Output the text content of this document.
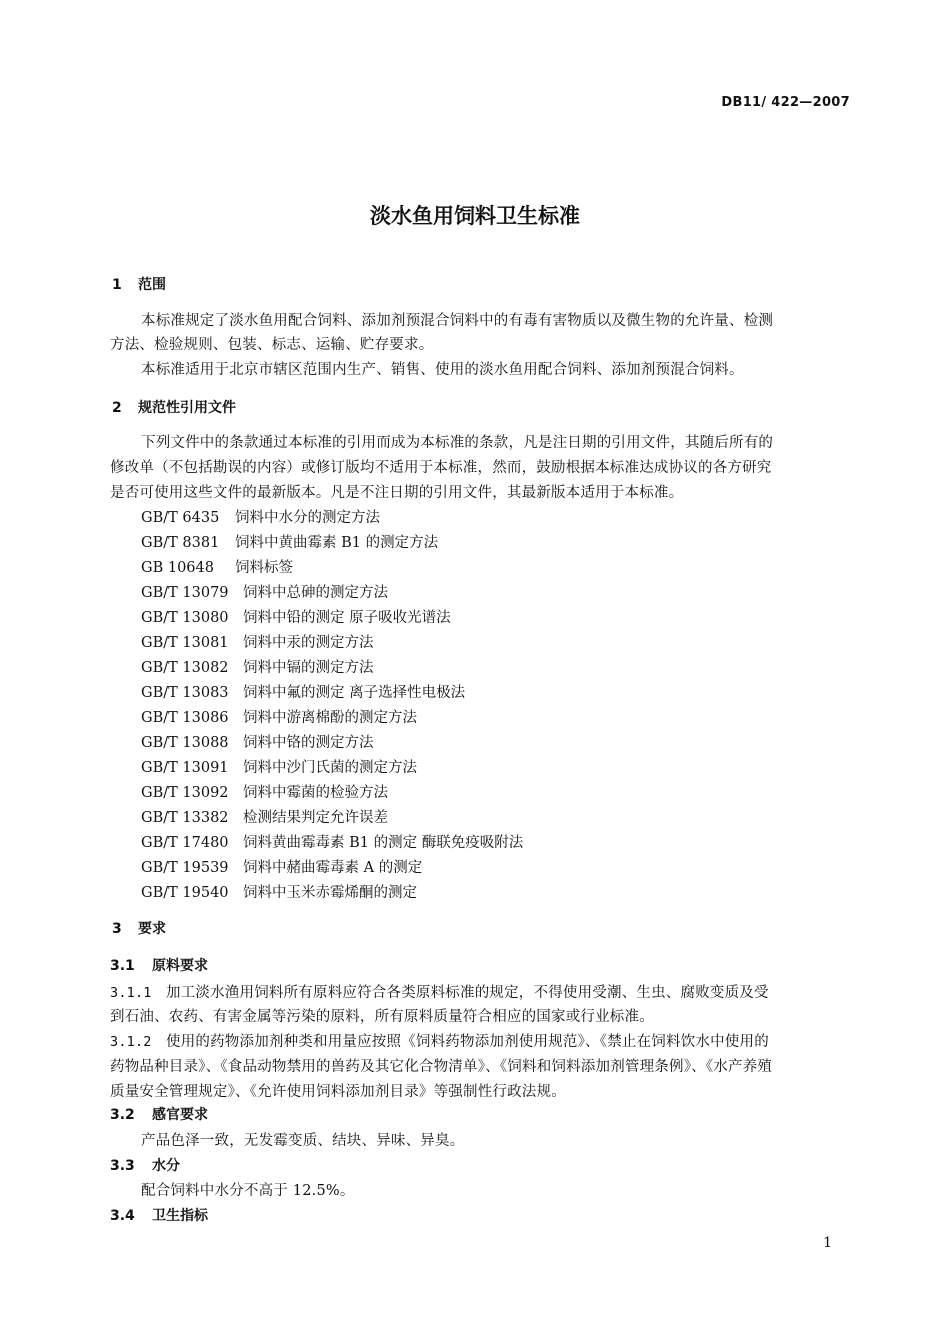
DB11/ 422—2007
淡水鱼用饲料卫生标准
1 范围
本标准规定了淡水鱼用配合饲料、添加剂预混合饲料中的有毒有害物质以及微生物的允许量、检测
方法、检验规则、包装、标志、运输、贮存要求。
本标准适用于北京市辖区范围内生产、销售、使用的淡水鱼用配合饲料、添加剂预混合饲料。
2 规范性引用文件
下列文件中的条款通过本标准的引用而成为本标准的条款，凡是注日期的引用文件，其随后所有的
修改单（不包括勘误的内容）或修订版均不适用于本标准，然而，鼓励根据本标准达成协议的各方研究
是否可使用这些文件的最新版本。凡是不注日期的引用文件，其最新版本适用于本标准。
GB/T 6435 饲料中水分的测定方法
GB/T 8381 饲料中黄曲霉素 B1 的测定方法
GB 10648 饲料标签
GB/T 13079 饲料中总砷的测定方法
GB/T 13080 饲料中铅的测定 原子吸收光谱法
GB/T 13081 饲料中汞的测定方法
GB/T 13082 饲料中镉的测定方法
GB/T 13083 饲料中氟的测定 离子选择性电极法
GB/T 13086 饲料中游离棉酚的测定方法
GB/T 13088 饲料中铬的测定方法
GB/T 13091 饲料中沙门氏菌的测定方法
GB/T 13092 饲料中霉菌的检验方法
GB/T 13382 检测结果判定允许误差
GB/T 17480 饲料黄曲霉毒素 B1 的测定 酶联免疫吸附法
GB/T 19539 饲料中赭曲霉毒素 A 的测定
GB/T 19540 饲料中玉米赤霉烯酮的测定
3 要求
3.1 原料要求
3.1.1 加工淡水渔用饲料所有原料应符合各类原料标准的规定，不得使用受潮、生虫、腐败变质及受
到石油、农药、有害金属等污染的原料，所有原料质量符合相应的国家或行业标准。
3.1.2 使用的药物添加剂种类和用量应按照《饲料药物添加剂使用规范》、《禁止在饲料饮水中使用的
药物品种目录》、《食品动物禁用的兽药及其它化合物清单》、《饲料和饲料添加剂管理条例》、《水产养殖
质量安全管理规定》、《允许使用饲料添加剂目录》等强制性行政法规。
3.2 感官要求
产品色泽一致，无发霉变质、结块、异味、异臭。
3.3 水分
配合饲料中水分不高于 12.5%。
3.4 卫生指标
1
